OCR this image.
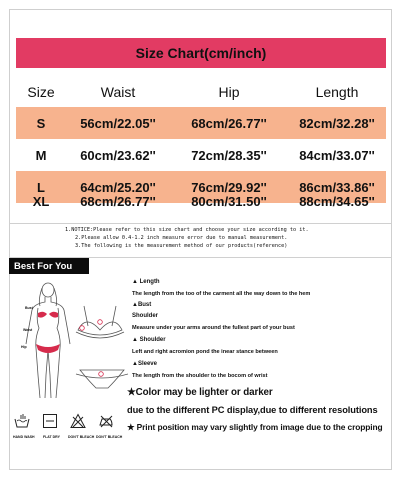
Size Chart(cm/inch)
Size	Waist	Hip	Length
S	56cm/22.05''	68cm/26.77''	82cm/32.28''
M	60cm/23.62''	72cm/28.35''	84cm/33.07''
L	64cm/25.20''	76cm/29.92''	86cm/33.86''
XL	68cm/26.77''	80cm/31.50''	88cm/34.65''
1.NOTICE:Please refer to this size chart and choose your size according to it.
2.Please allow 0.4-1.2 inch measure error due to manual measurement.
3.The following is the measurement method of our products(reference)
Best For You
Bust
Waist
Hip
▲ Length
The length from the too of the carment all the way down to the hem
▲Bust
Shoulder
Measure under your arms around the fullest part of your bust
▲ Shoulder
Left and right acromion pond the inear stance between
▲Sleeve
The length from the shoulder to the bocom of wrist
★Color may be lighter or darker
due to the different PC display,due to different resolutions
★ Print position may vary slightly from image due to the cropping
HAND WASH FLAT DRY DON'T BLEACH DON'T BLEACH
